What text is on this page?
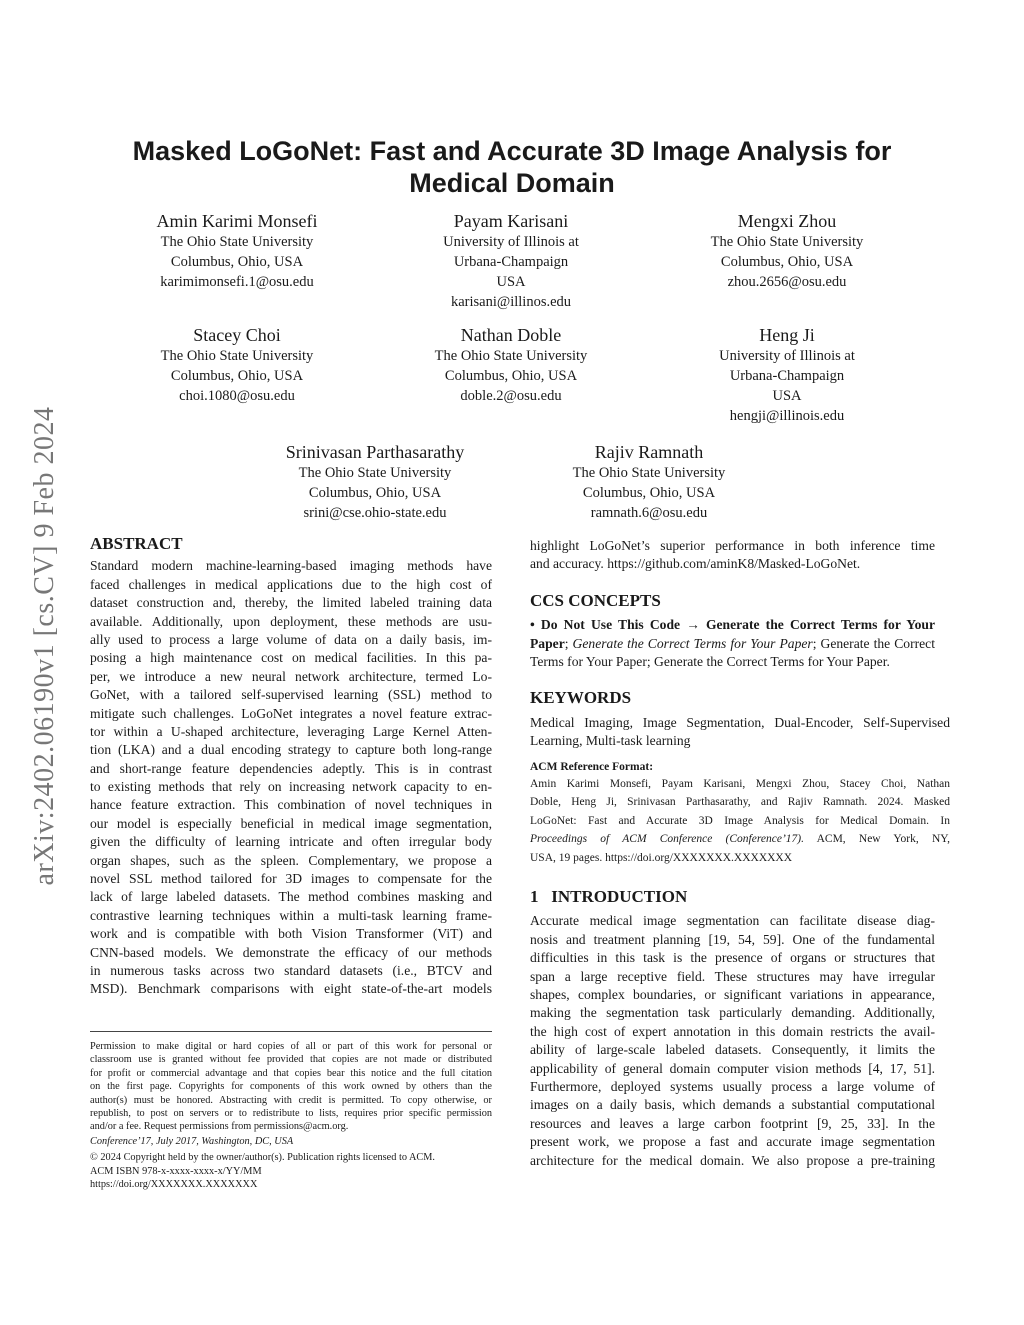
Masked LoGoNet: Fast and Accurate 3D Image Analysis for
Medical Domain
arXiv:2402.06190v1 [cs.CV] 9 Feb 2024
Amin Karimi Monsefi
The Ohio State University
Columbus, Ohio, USA
karimimonsefi.1@osu.edu
Payam Karisani
University of Illinois at
Urbana-Champaign
USA
karisani@illinos.edu
Mengxi Zhou
The Ohio State University
Columbus, Ohio, USA
zhou.2656@osu.edu
Stacey Choi
The Ohio State University
Columbus, Ohio, USA
choi.1080@osu.edu
Nathan Doble
The Ohio State University
Columbus, Ohio, USA
doble.2@osu.edu
Heng Ji
University of Illinois at
Urbana-Champaign
USA
hengji@illinois.edu
Srinivasan Parthasarathy
The Ohio State University
Columbus, Ohio, USA
srini@cse.ohio-state.edu
Rajiv Ramnath
The Ohio State University
Columbus, Ohio, USA
ramnath.6@osu.edu
ABSTRACT
Standard modern machine-learning-based imaging methods have
faced challenges in medical applications due to the high cost of
dataset construction and, thereby, the limited labeled training data
available. Additionally, upon deployment, these methods are usu-
ally used to process a large volume of data on a daily basis, im-
posing a high maintenance cost on medical facilities. In this pa-
per, we introduce a new neural network architecture, termed Lo-
GoNet, with a tailored self-supervised learning (SSL) method to
mitigate such challenges. LoGoNet integrates a novel feature extrac-
tor within a U-shaped architecture, leveraging Large Kernel Atten-
tion (LKA) and a dual encoding strategy to capture both long-range
and short-range feature dependencies adeptly. This is in contrast
to existing methods that rely on increasing network capacity to en-
hance feature extraction. This combination of novel techniques in
our model is especially beneficial in medical image segmentation,
given the difficulty of learning intricate and often irregular body
organ shapes, such as the spleen. Complementary, we propose a
novel SSL method tailored for 3D images to compensate for the
lack of large labeled datasets. The method combines masking and
contrastive learning techniques within a multi-task learning frame-
work and is compatible with both Vision Transformer (ViT) and
CNN-based models. We demonstrate the efficacy of our methods
in numerous tasks across two standard datasets (i.e., BTCV and
MSD). Benchmark comparisons with eight state-of-the-art models
highlight LoGoNet’s superior performance in both inference time
and accuracy. https://github.com/aminK8/Masked-LoGoNet.
CCS CONCEPTS
• Do Not Use This Code → Generate the Correct Terms for Your Paper; Generate the Correct Terms for Your Paper; Generate the Correct Terms for Your Paper; Generate the Correct Terms for Your Paper.
KEYWORDS
Medical Imaging, Image Segmentation, Dual-Encoder, Self-Supervised
Learning, Multi-task learning
ACM Reference Format:
Amin Karimi Monsefi, Payam Karisani, Mengxi Zhou, Stacey Choi, Nathan
Doble, Heng Ji, Srinivasan Parthasarathy, and Rajiv Ramnath. 2024. Masked
LoGoNet: Fast and Accurate 3D Image Analysis for Medical Domain. In
Proceedings of ACM Conference (Conference’17). ACM, New York, NY,
USA, 19 pages. https://doi.org/XXXXXXX.XXXXXXX
1 INTRODUCTION
Accurate medical image segmentation can facilitate disease diag-
nosis and treatment planning [19, 54, 59]. One of the fundamental
difficulties in this task is the presence of organs or structures that
span a large receptive field. These structures may have irregular
shapes, complex boundaries, or significant variations in appearance,
making the segmentation task particularly demanding. Additionally,
the high cost of expert annotation in this domain restricts the avail-
ability of large-scale labeled datasets. Consequently, it limits the
applicability of general domain computer vision methods [4, 17, 51].
Furthermore, deployed systems usually process a large volume of
images on a daily basis, which demands a substantial computational
resources and leaves a large carbon footprint [9, 25, 33]. In the
present work, we propose a fast and accurate image segmentation
architecture for the medical domain. We also propose a pre-training
Permission to make digital or hard copies of all or part of this work for personal or
classroom use is granted without fee provided that copies are not made or distributed
for profit or commercial advantage and that copies bear this notice and the full citation
on the first page. Copyrights for components of this work owned by others than the
author(s) must be honored. Abstracting with credit is permitted. To copy otherwise, or
republish, to post on servers or to redistribute to lists, requires prior specific permission
and/or a fee. Request permissions from permissions@acm.org.
Conference’17, July 2017, Washington, DC, USA
© 2024 Copyright held by the owner/author(s). Publication rights licensed to ACM.
ACM ISBN 978-x-xxxx-xxxx-x/YY/MM
https://doi.org/XXXXXXX.XXXXXXX
